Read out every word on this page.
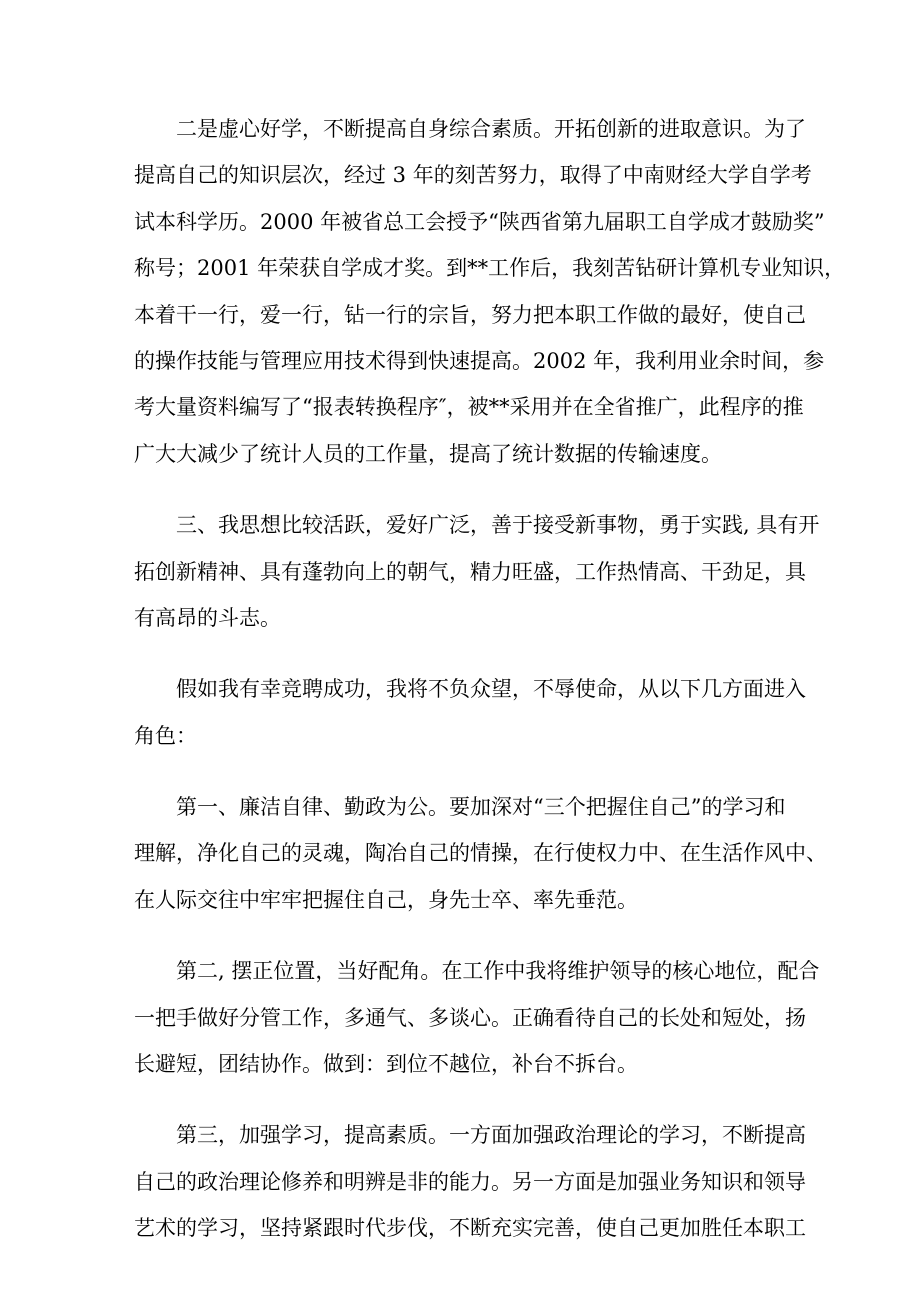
二是虚心好学，不断提高自身综合素质。开拓创新的进取意识。为了
提高自己的知识层次，经过 3 年的刻苦努力，取得了中南财经大学自学考
试本科学历。2000 年被省总工会授予“陕西省第九届职工自学成才鼓励奖”
称号；2001 年荣获自学成才奖。到**工作后，我刻苦钻研计算机专业知识，
本着干一行，爱一行，钻一行的宗旨，努力把本职工作做的最好，使自己
的操作技能与管理应用技术得到快速提高。2002 年，我利用业余时间，参
考大量资料编写了“报表转换程序″，被**采用并在全省推广，此程序的推
广大大减少了统计人员的工作量，提高了统计数据的传输速度。
三、我思想比较活跃，爱好广泛，善于接受新事物，勇于实践, 具有开
拓创新精神、具有蓬勃向上的朝气，精力旺盛，工作热情高、干劲足，具
有高昂的斗志。
假如我有幸竞聘成功，我将不负众望，不辱使命，从以下几方面进入
角色：
第一、廉洁自律、勤政为公。要加深对“三个把握住自己”的学习和
理解，净化自己的灵魂，陶冶自己的情操，在行使权力中、在生活作风中、
在人际交往中牢牢把握住自己，身先士卒、率先垂范。
第二, 摆正位置，当好配角。在工作中我将维护领导的核心地位，配合
一把手做好分管工作，多通气、多谈心。正确看待自己的长处和短处，扬
长避短，团结协作。做到：到位不越位，补台不拆台。
第三，加强学习，提高素质。一方面加强政治理论的学习，不断提高
自己的政治理论修养和明辨是非的能力。另一方面是加强业务知识和领导
艺术的学习，坚持紧跟时代步伐，不断充实完善，使自己更加胜任本职工
